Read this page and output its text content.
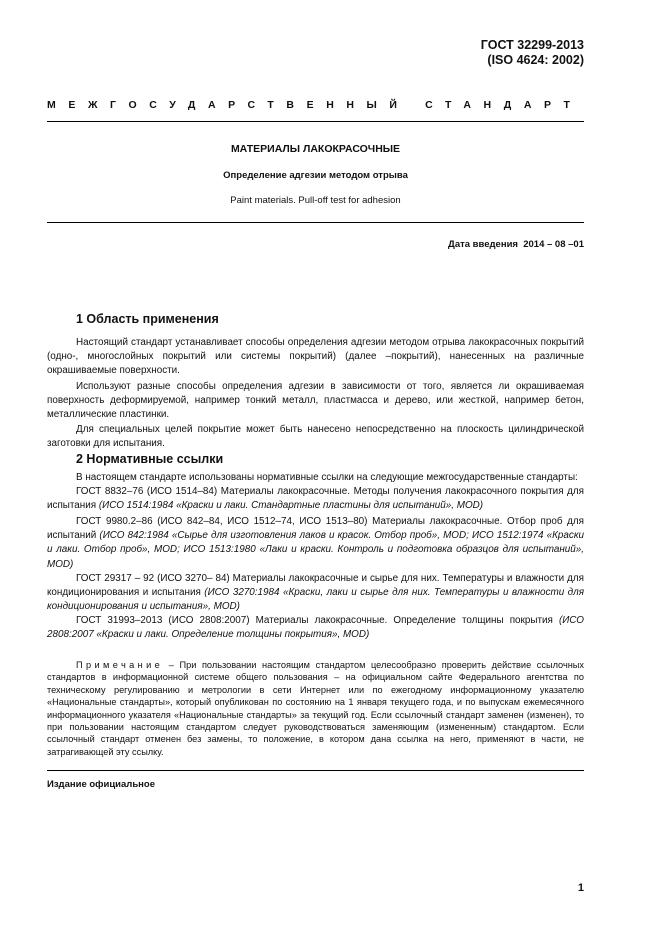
ГОСТ 32299-2013
(ISO 4624: 2002)
МЕЖГОСУДАРСТВЕННЫЙ СТАНДАРТ
МАТЕРИАЛЫ ЛАКОКРАСОЧНЫЕ
Определение адгезии методом отрыва
Paint materials. Pull-off test for adhesion
Дата введения 2014 – 08 –01
1 Область применения

Настоящий стандарт устанавливает способы определения адгезии методом отрыва лакокрасочных покрытий (одно-, многослойных покрытий или системы покрытий) (далее –покрытий), нанесенных на различные окрашиваемые поверхности.

Используют разные способы определения адгезии в зависимости от того, является ли окрашиваемая поверхность деформируемой, например тонкий металл, пластмасса и дерево, или жесткой, например бетон, металлические пластинки.

Для специальных целей покрытие может быть нанесено непосредственно на плоскость цилиндрической заготовки для испытания.

2 Нормативные ссылки

В настоящем стандарте использованы нормативные ссылки на следующие межгосударственные стандарты:

ГОСТ 8832–76 (ИСО 1514–84) Материалы лакокрасочные. Методы получения лакокрасочного покрытия для испытания (ИСО 1514:1984 «Краски и лаки. Стандартные пластины для испытаний», MOD)

ГОСТ 9980.2–86 (ИСО 842–84, ИСО 1512–74, ИСО 1513–80) Материалы лакокрасочные. Отбор проб для испытаний (ИСО 842:1984 «Сырье для изготовления лаков и красок. Отбор проб», MOD; ИСО 1512:1974 «Краски и лаки. Отбор проб», MOD; ИСО 1513:1980 «Лаки и краски. Контроль и подготовка образцов для испытаний», MOD)

ГОСТ 29317 – 92 (ИСО 3270– 84) Материалы лакокрасочные и сырье для них. Температуры и влажности для кондиционирования и испытания (ИСО 3270:1984 «Краски, лаки и сырье для них. Температуры и влажности для кондиционирования и испытания», MOD)

ГОСТ 31993–2013 (ИСО 2808:2007) Материалы лакокрасочные. Определение толщины покрытия (ИСО 2808:2007 «Краски и лаки. Определение толщины покрытия», MOD)

Примечание – При пользовании настоящим стандартом целесообразно проверить действие ссылочных стандартов в информационной системе общего пользования – на официальном сайте Федерального агентства по техническому регулированию и метрологии в сети Интернет или по ежегодному информационному указателю «Национальные стандарты», который опубликован по состоянию на 1 января текущего года, и по выпускам ежемесячного информационного указателя «Национальные стандарты» за текущий год. Если ссылочный стандарт заменен (изменен), то при пользовании настоящим стандартом следует руководствоваться заменяющим (измененным) стандартом. Если ссылочный стандарт отменен без замены, то положение, в котором дана ссылка на него, применяют в части, не затрагивающей эту ссылку.

Издание официальное
1
